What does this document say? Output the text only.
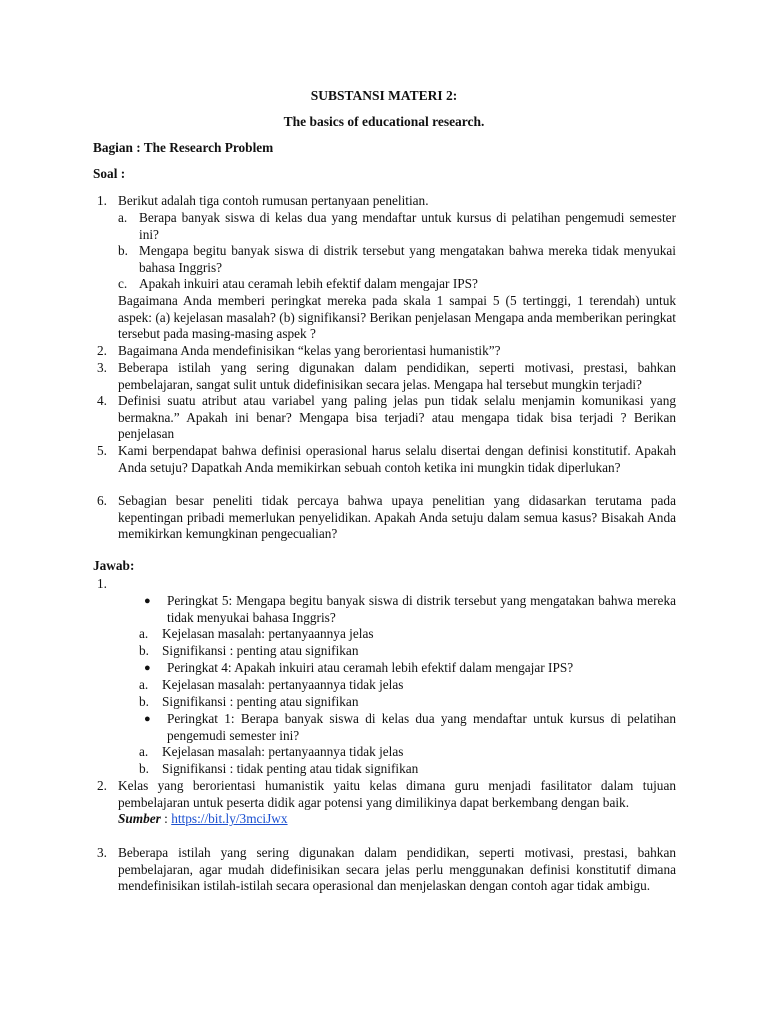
SUBSTANSI MATERI 2:
The basics of educational research.
Bagian : The Research Problem
Soal :
1. Berikut adalah tiga contoh rumusan pertanyaan penelitian.
a. Berapa banyak siswa di kelas dua yang mendaftar untuk kursus di pelatihan pengemudi semester ini?
b. Mengapa begitu banyak siswa di distrik tersebut yang mengatakan bahwa mereka tidak menyukai bahasa Inggris?
c. Apakah inkuiri atau ceramah lebih efektif dalam mengajar IPS?
Bagaimana Anda memberi peringkat mereka pada skala 1 sampai 5 (5 tertinggi, 1 terendah) untuk aspek: (a) kejelasan masalah? (b) signifikansi? Berikan penjelasan Mengapa anda memberikan peringkat tersebut pada masing-masing aspek ?
2. Bagaimana Anda mendefinisikan “kelas yang berorientasi humanistik”?
3. Beberapa istilah yang sering digunakan dalam pendidikan, seperti motivasi, prestasi, bahkan pembelajaran, sangat sulit untuk didefinisikan secara jelas. Mengapa hal tersebut mungkin terjadi?
4. Definisi suatu atribut atau variabel yang paling jelas pun tidak selalu menjamin komunikasi yang bermakna.” Apakah ini benar? Mengapa bisa terjadi? atau mengapa tidak bisa terjadi ? Berikan penjelasan
5. Kami berpendapat bahwa definisi operasional harus selalu disertai dengan definisi konstitutif. Apakah Anda setuju? Dapatkah Anda memikirkan sebuah contoh ketika ini mungkin tidak diperlukan?
6. Sebagian besar peneliti tidak percaya bahwa upaya penelitian yang didasarkan terutama pada kepentingan pribadi memerlukan penyelidikan. Apakah Anda setuju dalam semua kasus? Bisakah Anda memikirkan kemungkinan pengecualian?
Jawab:
1.
● Peringkat 5: Mengapa begitu banyak siswa di distrik tersebut yang mengatakan bahwa mereka tidak menyukai bahasa Inggris?
a. Kejelasan masalah: pertanyaannya jelas
b. Signifikansi : penting atau signifikan
● Peringkat 4: Apakah inkuiri atau ceramah lebih efektif dalam mengajar IPS?
a. Kejelasan masalah: pertanyaannya tidak jelas
b. Signifikansi : penting atau signifikan
● Peringkat 1: Berapa banyak siswa di kelas dua yang mendaftar untuk kursus di pelatihan pengemudi semester ini?
a. Kejelasan masalah: pertanyaannya tidak jelas
b. Signifikansi : tidak penting atau tidak signifikan
2. Kelas yang berorientasi humanistik yaitu kelas dimana guru menjadi fasilitator dalam tujuan pembelajaran untuk peserta didik agar potensi yang dimilikinya dapat berkembang dengan baik.
Sumber : https://bit.ly/3mciJwx
3. Beberapa istilah yang sering digunakan dalam pendidikan, seperti motivasi, prestasi, bahkan pembelajaran, agar mudah didefinisikan secara jelas perlu menggunakan definisi konstitutif dimana mendefinisikan istilah-istilah secara operasional dan menjelaskan dengan contoh agar tidak ambigu.
